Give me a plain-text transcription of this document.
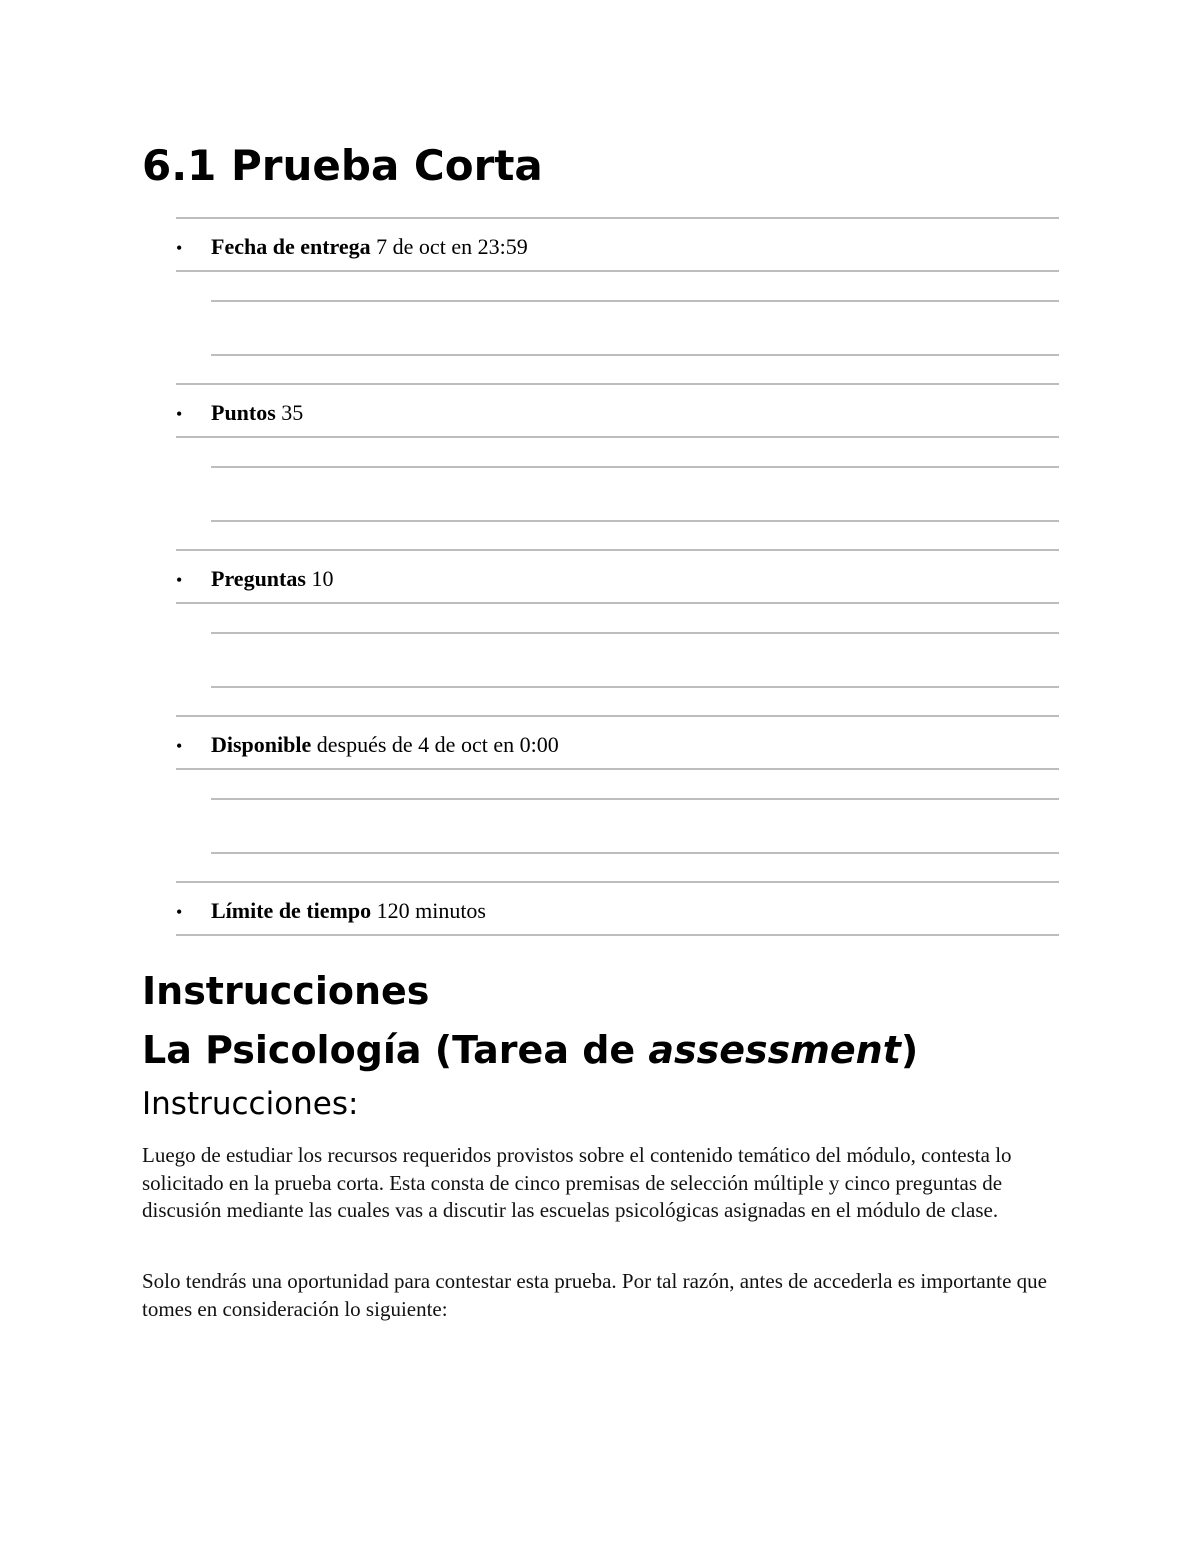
6.1 Prueba Corta
• Fecha de entrega 7 de oct en 23:59
• Puntos 35
• Preguntas 10
• Disponible después de 4 de oct en 0:00
• Límite de tiempo 120 minutos
Instrucciones
La Psicología (Tarea de assessment)
Instrucciones:

Luego de estudiar los recursos requeridos provistos sobre el contenido temático del módulo, contesta lo solicitado en la prueba corta. Esta consta de cinco premisas de selección múltiple y cinco preguntas de discusión mediante las cuales vas a discutir las escuelas psicológicas asignadas en el módulo de clase.

Solo tendrás una oportunidad para contestar esta prueba. Por tal razón, antes de accederla es importante que tomes en consideración lo siguiente:
